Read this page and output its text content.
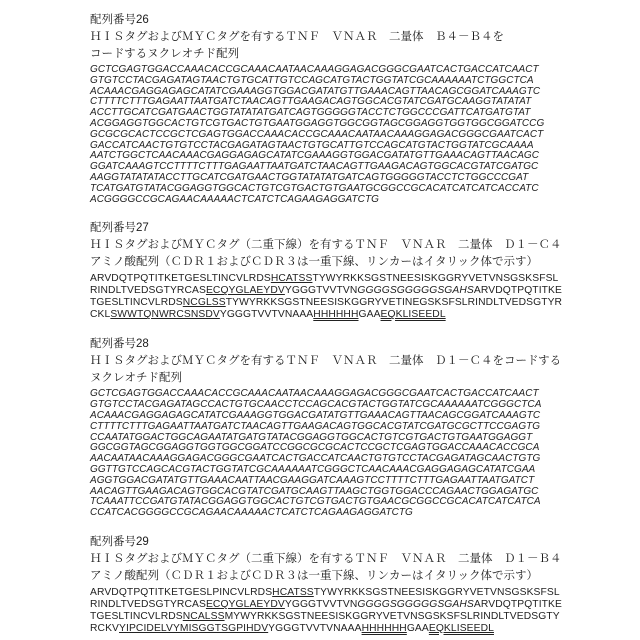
配列番号26
ＨＩＳタグおよびＭＹＣタグを有するＴＮＦ　ＶＮＡＲ　二量体　Ｂ４－Ｂ４を
コードするヌクレオチド配列
GCTCGAGTGGACCAAACACCGCAAACAATAACAAAGGAGACGGGCGAATCACTGACCATCAACT
GTGTCCTACGAGATAGTAACTGTGCATTGTCCAGCATGTACTGGTATCGCAAAAAATCTGGCTCA
ACAAACGAGGAGAGCATATCGAAAGGTGGACGATATGTTGAAACAGTTAACAGCGGATCAAAGTC
CTTTTCTTTGAGAATTAATGATCTAACAGTTGAAGACAGTGGCACGTATCGATGCAAGGTATATAT
ACCTTGCATCGATGAACTGGTATATATGATCAGTGGGGGTACCTCTGGCCCGATTCATGATGTAT
ACGGAGGTGGCACTGTCGTGACTGTGAATGGAGGTGGCGGTAGCGGAGGTGGTGGCGGATCCG
GCGCGCACTCCGCTCGAGTGGACCAAACACCGCAAACAATAACAAAGGAGACGGGCGAATCACT
GACCATCAACTGTGTCCTACGAGATAGTAACTGTGCATTGTCCAGCATGTACTGGTATCGCAAAA
AATCTGGCTCAACAAACGAGGAGAGCATATCGAAAGGTGGACGATATGTTGAAACAGTTAACAGC
GGATCAAAGTCCTTTTCTTTGAGAATTAATGATCTAACAGTTGAAGACAGTGGCACGTATCGATGC
AAGGTATATATACCTTGCATCGATGAACTGGTATATATGATCAGTGGGGGTACCTCTGGCCCGAT
TCATGATGTATACGGAGGTGGCACTGTCGTGACTGTGAATGCGGCCGCACATCATCATCACCATC
ACGGGGCCGCAGAACAAAAACTCATCTCAGAAGAGGATCTG
配列番号27
ＨＩＳタグおよびＭＹＣタグ（二重下線）を有するＴＮＦ　ＶＮＡＲ　二量体　Ｄ１－Ｃ４
アミノ酸配列（ＣＤＲ１およびＣＤＲ３は一重下線、リンカーはイタリック体で示す）
ARVDQTPQTITKETGESLTINCVLRDSHCATSSTYWYRKKSGSTNEESISKGGRYVETVNSGSKSFSL
RINDLTVEDSGTYRCASECQYGLAEYDVYGGGTVVTVNGGGGSGGGGGSGAHSARVDQTPQTITKE
TGESLTINCVLRDSNCGLSSTYWYRKKSGSTNEESISKGGRYVETINEGSKSFSLRINDLTVEDSGTYR
CKLSWWTQNWRCSNSDVYGGGTVVTVNAAAHHHHHHGAAEQKLISEEDL
配列番号28
ＨＩＳタグおよびＭＹＣタグを有するＴＮＦ　ＶＮＡＲ　二量体　Ｄ１－Ｃ４をコードする
ヌクレオチド配列
GCTCGAGTGGACCAAACACCGCAAACAATAACAAAGGAGACGGGCGAATCACTGACCATCAACT
GTGTCCTACGAGATAGCCACTGTGCAACCTCCAGCACGTACTGGTATCGCAAAAAATCGGGCTCA
ACAAACGAGGAGAGCATATCGAAAGGTGGACGATATGTTGAAACAGTTAACAGCGGATCAAAGTC
CTTTTCTTTGAGAATTAATGATCTAACAGTTGAAGACAGTGGCACGTATCGATGCGCTTCCGAGTG
CCAATATGGACTGGCAGAATATGATGTATACGGAGGTGGCACTGTCGTGACTGTGAATGGAGGT
GGCGGTAGCGGAGGTGGTGGCGGATCCGGCGCGCACTCCGCTCGAGTGGACCAAACACCGCA
AACAATAACAAAGGAGACGGGCGAATCACTGACCATCAACTGTGTCCTACGAGATAGCAACTGTG
GGTTGTCCAGCACGTACTGGTATCGCAAAAAATCGGGCTCAACAAACGAGGAGAGCATATCGAA
AGGTGGACGATATGTTGAAACAATTAACGAAGGATCAAAGTCCTTTTCTTTGAGAATTAATGATCT
AACAGTTGAAGACAGTGGCACGTATCGATGCAAGTTAAGCTGGTGGACCCAGAACTGGAGATGC
TCAAATTCCGATGTATACGGAGGTGGCACTGTCGTGACTGTGAACGCGGCCGCACATCATCATCA
CCATCACGGGGCCGCAGAACAAAAACTCATCTCAGAAGAGGATCTG
配列番号29
ＨＩＳタグおよびＭＹＣタグ（二重下線）を有するＴＮＦ　ＶＮＡＲ　二量体　Ｄ１－Ｂ４
アミノ酸配列（ＣＤＲ１およびＣＤＲ３は一重下線、リンカーはイタリック体で示す）
ARVDQTPQTITKETGESLPINCVLRDSHCATSSTYWYRKKSGSTNEESISKGGRYVETVNSGSKSFSL
RINDLTVEDSGTYRCASECQYGLAEYDVYGGGTVVTVNGGGGSGGGGGSGAHSARVDQTPQTITKE
TGESLTINCVLRDSNCALSSMYWYRKKSGSTNEESISKGGRYVETVNSGSKSFSLRINDLTVEDSGTY
RCKVYIPCIDELVYMISGGTSGPIHDVYGGGTVVTVNAAAHHHHHHGAAEQKLISEEDL
